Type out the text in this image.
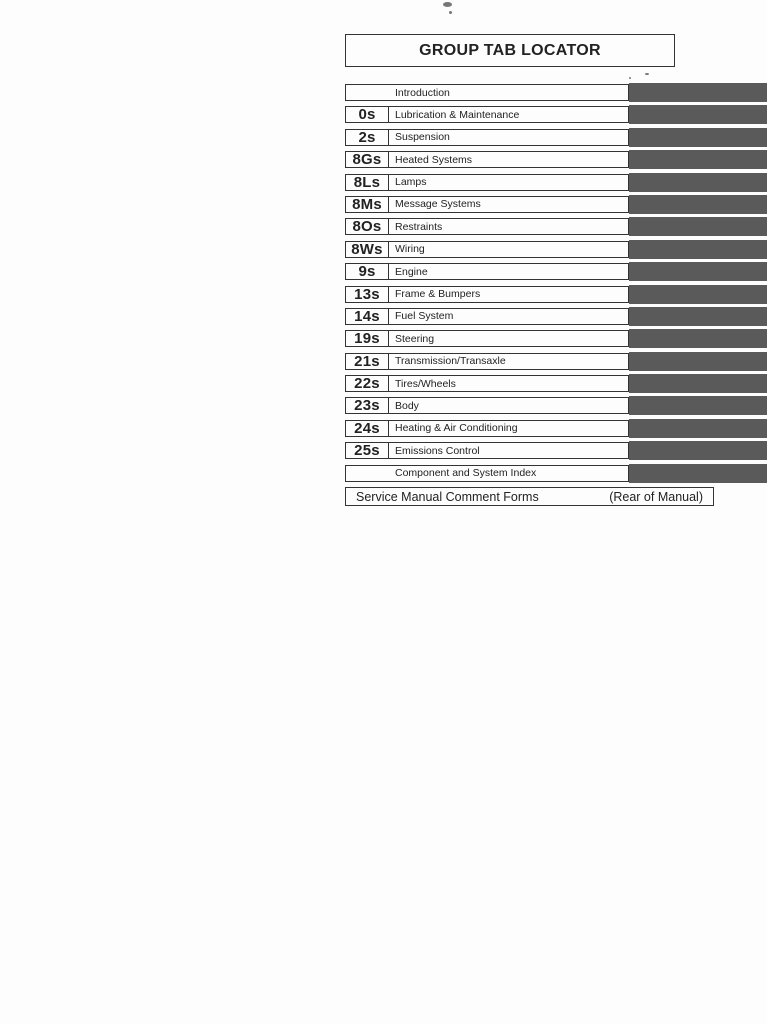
GROUP TAB LOCATOR
Introduction
0s	Lubrication & Maintenance
2s	Suspension
8Gs	Heated Systems
8Ls	Lamps
8Ms	Message Systems
8Os	Restraints
8Ws	Wiring
9s	Engine
13s	Frame & Bumpers
14s	Fuel System
19s	Steering
21s	Transmission/Transaxle
22s	Tires/Wheels
23s	Body
24s	Heating & Air Conditioning
25s	Emissions Control
Component and System Index
Service Manual Comment Forms	(Rear of Manual)
